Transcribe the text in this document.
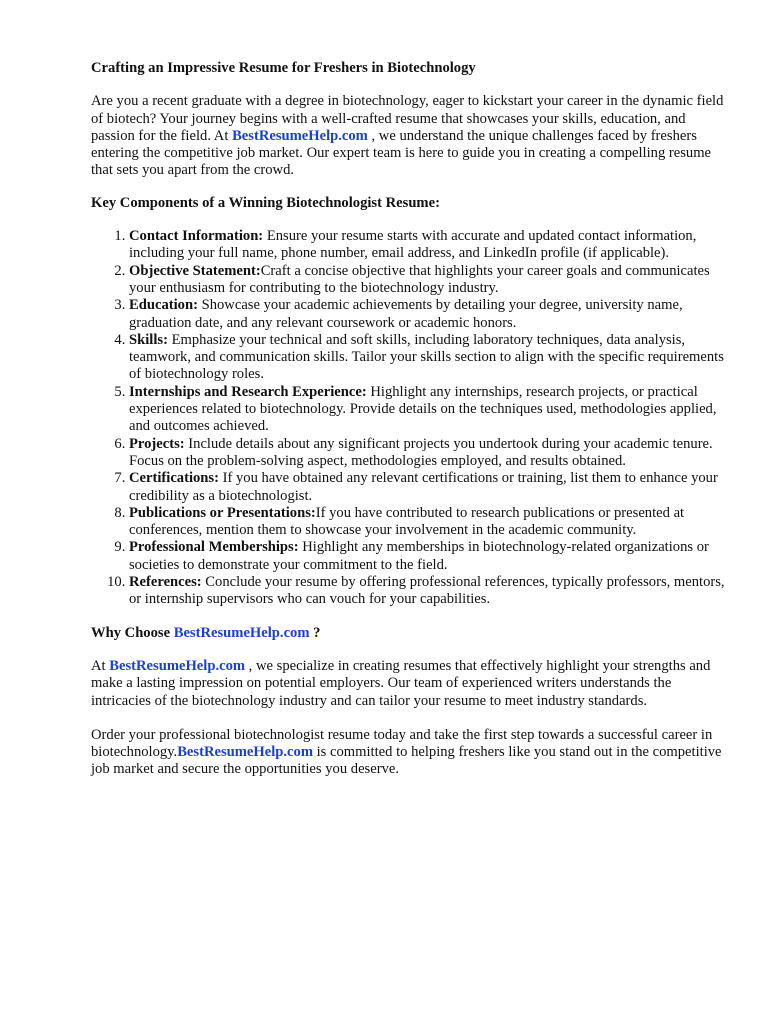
Crafting an Impressive Resume for Freshers in Biotechnology

Are you a recent graduate with a degree in biotechnology, eager to kickstart your career in the dynamic field of biotech? Your journey begins with a well-crafted resume that showcases your skills, education, and passion for the field. At BestResumeHelp.com , we understand the unique challenges faced by freshers entering the competitive job market. Our expert team is here to guide you in creating a compelling resume that sets you apart from the crowd.

Key Components of a Winning Biotechnologist Resume:
1. Contact Information: Ensure your resume starts with accurate and updated contact information, including your full name, phone number, email address, and LinkedIn profile (if applicable).
2. Objective Statement:Craft a concise objective that highlights your career goals and communicates your enthusiasm for contributing to the biotechnology industry.
3. Education: Showcase your academic achievements by detailing your degree, university name, graduation date, and any relevant coursework or academic honors.
4. Skills: Emphasize your technical and soft skills, including laboratory techniques, data analysis, teamwork, and communication skills. Tailor your skills section to align with the specific requirements of biotechnology roles.
5. Internships and Research Experience: Highlight any internships, research projects, or practical experiences related to biotechnology. Provide details on the techniques used, methodologies applied, and outcomes achieved.
6. Projects: Include details about any significant projects you undertook during your academic tenure. Focus on the problem-solving aspect, methodologies employed, and results obtained.
7. Certifications: If you have obtained any relevant certifications or training, list them to enhance your credibility as a biotechnologist.
8. Publications or Presentations:If you have contributed to research publications or presented at conferences, mention them to showcase your involvement in the academic community.
9. Professional Memberships: Highlight any memberships in biotechnology-related organizations or societies to demonstrate your commitment to the field.
10. References: Conclude your resume by offering professional references, typically professors, mentors, or internship supervisors who can vouch for your capabilities.
Why Choose BestResumeHelp.com ?

At BestResumeHelp.com , we specialize in creating resumes that effectively highlight your strengths and make a lasting impression on potential employers. Our team of experienced writers understands the intricacies of the biotechnology industry and can tailor your resume to meet industry standards.

Order your professional biotechnologist resume today and take the first step towards a successful career in biotechnology.BestResumeHelp.com is committed to helping freshers like you stand out in the competitive job market and secure the opportunities you deserve.
